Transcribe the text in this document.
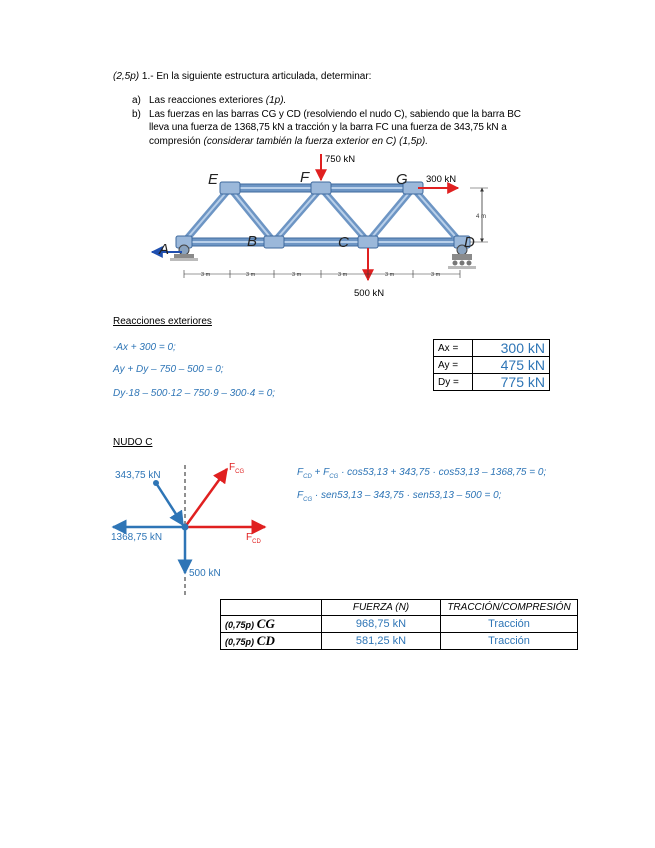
(2,5p) 1.- En la siguiente estructura articulada, determinar:
a) Las reacciones exteriores (1p).
b) Las fuerzas en las barras CG y CD (resolviendo el nudo C), sabiendo que la barra BC
lleva una fuerza de 1368,75 kN a tracción y la barra FC una fuerza de 343,75 kN a
compresión (considerar también la fuerza exterior en C) (1,5p).
4 m
3 m	3 m	3 m	3 m	3 m	3 m
A	B	C	D
E	F	G
750 kN
300 kN
500 kN
Reacciones exteriores
-Ax + 300 = 0;
Ay + Dy – 750 – 500 = 0;
Dy·18 – 500·12 – 750·9 – 300·4 = 0;
Ax =	300 kN
Ay =	475 kN
Dy =	775 kN
NUDO C
343,75 kN
1368,75 kN
500 kN
$F_{CG}$
$F_{CD}$
$F_{CD} + F_{CG} \cdot \cos 53,13 + 343,75 \cdot \cos 53,13 - 1368,75 = 0$;
$F_{CG} \cdot sen53,13 - 343,75 \cdot sen53,13 - 500 = 0$;
	FUERZA (N)	TRACCIÓN/COMPRESIÓN
(0,75p) CG	968,75 kN	Tracción
(0,75p) CD	581,25 kN	Tracción
